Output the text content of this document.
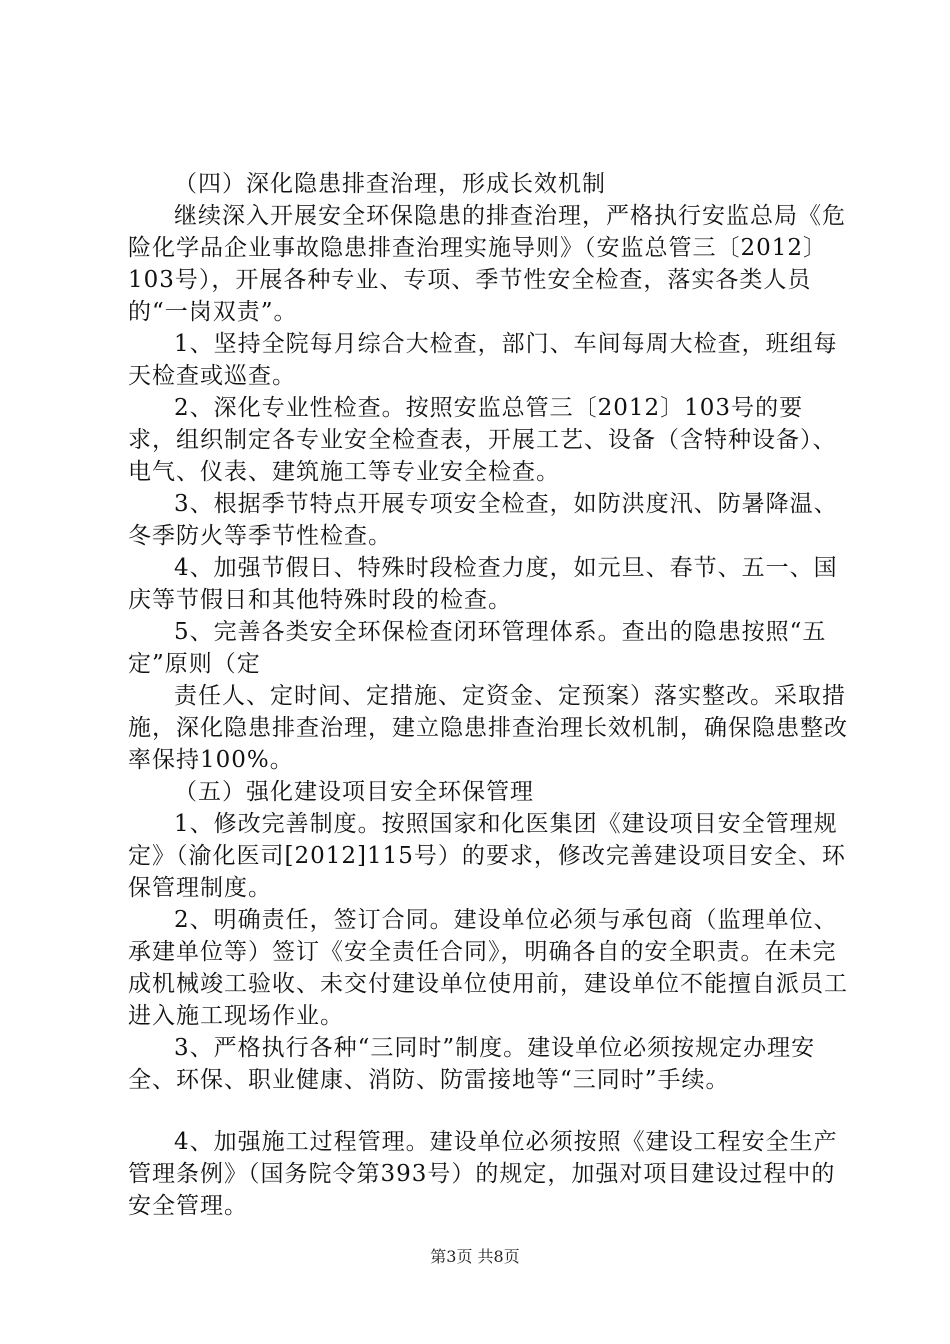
（四）深化隐患排查治理，形成长效机制

继续深入开展安全环保隐患的排查治理，严格执行安监总局《危险化学品企业事故隐患排查治理实施导则》（安监总管三〔2012〕103号），开展各种专业、专项、季节性安全检查，落实各类人员的“一岗双责”。

1、坚持全院每月综合大检查，部门、车间每周大检查，班组每天检查或巡查。

2、深化专业性检查。按照安监总管三〔2012〕103号的要求，组织制定各专业安全检查表，开展工艺、设备（含特种设备）、电气、仪表、建筑施工等专业安全检查。

3、根据季节特点开展专项安全检查，如防洪度汛、防暑降温、冬季防火等季节性检查。

4、加强节假日、特殊时段检查力度，如元旦、春节、五一、国庆等节假日和其他特殊时段的检查。

5、完善各类安全环保检查闭环管理体系。查出的隐患按照“五定”原则（定

责任人、定时间、定措施、定资金、定预案）落实整改。采取措施，深化隐患排查治理，建立隐患排查治理长效机制，确保隐患整改率保持100%。

（五）强化建设项目安全环保管理

1、修改完善制度。按照国家和化医集团《建设项目安全管理规定》（渝化医司[2012]115号）的要求，修改完善建设项目安全、环保管理制度。

2、明确责任，签订合同。建设单位必须与承包商（监理单位、承建单位等）签订《安全责任合同》，明确各自的安全职责。在未完成机械竣工验收、未交付建设单位使用前，建设单位不能擅自派员工进入施工现场作业。

3、严格执行各种“三同时”制度。建设单位必须按规定办理安全、环保、职业健康、消防、防雷接地等“三同时”手续。

4、加强施工过程管理。建设单位必须按照《建设工程安全生产管理条例》（国务院令第393号）的规定，加强对项目建设过程中的安全管理。

第3页 共8页
